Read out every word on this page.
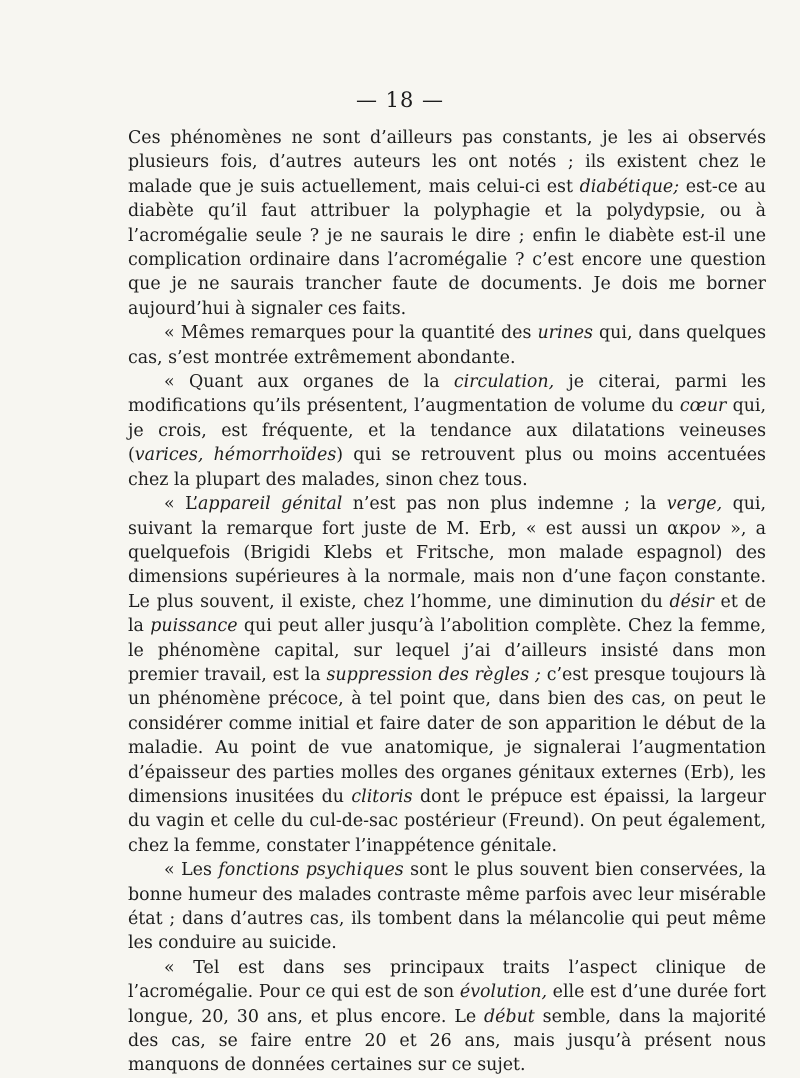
— 18 —

Ces phénomènes ne sont d’ailleurs pas constants, je les ai observés plusieurs fois, d’autres auteurs les ont notés ; ils existent chez le malade que je suis actuellement, mais celui-ci est diabétique; est-ce au diabète qu’il faut attribuer la polyphagie et la polydypsie, ou à l’acromégalie seule ? je ne saurais le dire ; enfin le diabète est-il une complication ordinaire dans l’acromégalie ? c’est encore une question que je ne saurais trancher faute de documents. Je dois me borner aujourd’hui à signaler ces faits.

« Mêmes remarques pour la quantité des urines qui, dans quelques cas, s’est montrée extrêmement abondante.

« Quant aux organes de la circulation, je citerai, parmi les modifications qu’ils présentent, l’augmentation de volume du cœur qui, je crois, est fréquente, et la tendance aux dilatations veineuses (varices, hémorrhoïdes) qui se retrouvent plus ou moins accentuées chez la plupart des malades, sinon chez tous.

« L’appareil génital n’est pas non plus indemne ; la verge, qui, suivant la remarque fort juste de M. Erb, « est aussi un ακρον », a quelquefois (Brigidi Klebs et Fritsche, mon malade espagnol) des dimensions supérieures à la normale, mais non d’une façon constante. Le plus souvent, il existe, chez l’homme, une diminution du désir et de la puissance qui peut aller jusqu’à l’abolition complète. Chez la femme, le phénomène capital, sur lequel j’ai d’ailleurs insisté dans mon premier travail, est la suppression des règles ; c’est presque toujours là un phénomène précoce, à tel point que, dans bien des cas, on peut le considérer comme initial et faire dater de son apparition le début de la maladie. Au point de vue anatomique, je signalerai l’augmentation d’épaisseur des parties molles des organes génitaux externes (Erb), les dimensions inusitées du clitoris dont le prépuce est épaissi, la largeur du vagin et celle du cul-de-sac postérieur (Freund). On peut également, chez la femme, constater l’inappétence génitale.

« Les fonctions psychiques sont le plus souvent bien conservées, la bonne humeur des malades contraste même parfois avec leur misérable état ; dans d’autres cas, ils tombent dans la mélancolie qui peut même les conduire au suicide.

« Tel est dans ses principaux traits l’aspect clinique de l’acromégalie. Pour ce qui est de son évolution, elle est d’une durée fort longue, 20, 30 ans, et plus encore. Le début semble, dans la majorité des cas, se faire entre 20 et 26 ans, mais jusqu’à présent nous manquons de données certaines sur ce sujet.
